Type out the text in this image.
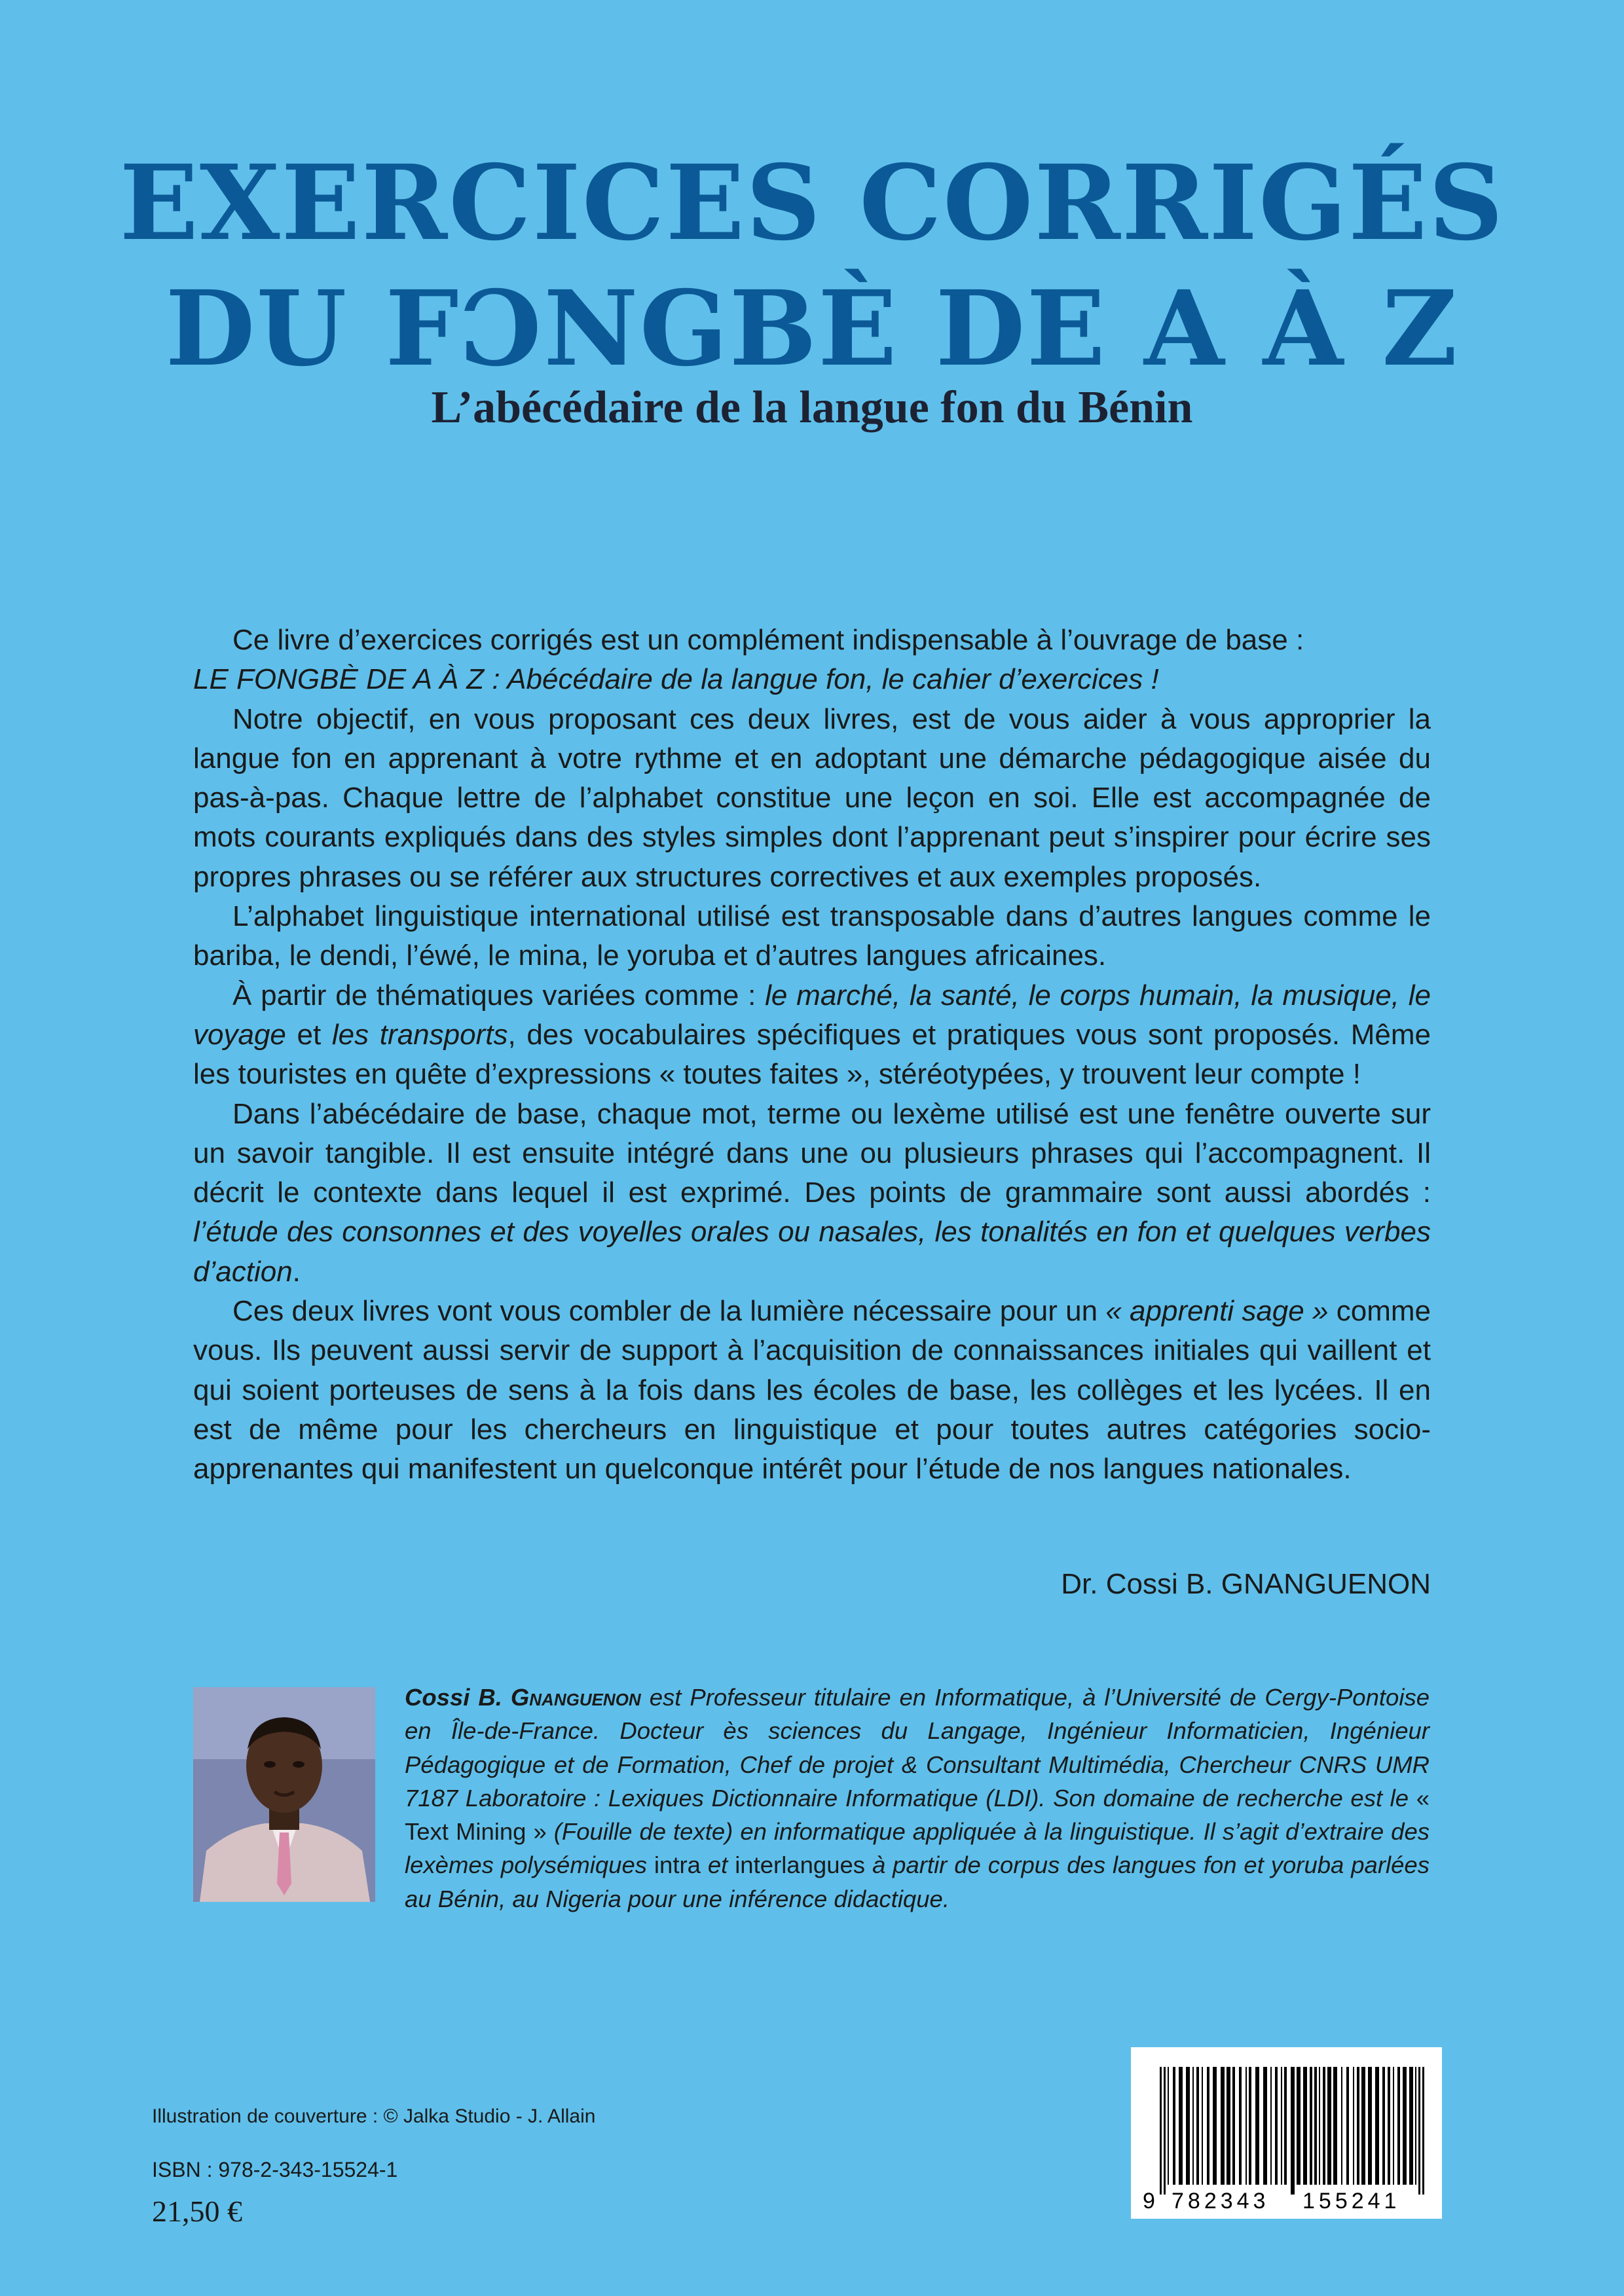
EXERCICES CORRIGÉS
DU FƆNGBÈ DE A À Z
L’abécédaire de la langue fon du Bénin

Ce livre d’exercices corrigés est un complément indispensable à l’ouvrage de base :
LE FONGBÈ DE A À Z : Abécédaire de la langue fon, le cahier d’exercices !

Notre objectif, en vous proposant ces deux livres, est de vous aider à vous approprier la langue fon en apprenant à votre rythme et en adoptant une démarche pédagogique aisée du pas-à-pas. Chaque lettre de l’alphabet constitue une leçon en soi. Elle est accompagnée de mots courants expliqués dans des styles simples dont l’apprenant peut s’inspirer pour écrire ses propres phrases ou se référer aux structures correctives et aux exemples proposés.

L’alphabet linguistique international utilisé est transposable dans d’autres langues comme le bariba, le dendi, l’éwé, le mina, le yoruba et d’autres langues africaines.

À partir de thématiques variées comme : le marché, la santé, le corps humain, la musique, le voyage et les transports, des vocabulaires spécifiques et pratiques vous sont proposés. Même les touristes en quête d’expressions « toutes faites », stéréotypées, y trouvent leur compte !

Dans l’abécédaire de base, chaque mot, terme ou lexème utilisé est une fenêtre ouverte sur un savoir tangible. Il est ensuite intégré dans une ou plusieurs phrases qui l’accompagnent. Il décrit le contexte dans lequel il est exprimé. Des points de grammaire sont aussi abordés : l’étude des consonnes et des voyelles orales ou nasales, les tonalités en fon et quelques verbes d’action.

Ces deux livres vont vous combler de la lumière nécessaire pour un « apprenti sage » comme vous. Ils peuvent aussi servir de support à l’acquisition de connaissances initiales qui vaillent et qui soient porteuses de sens à la fois dans les écoles de base, les collèges et les lycées. Il en est de même pour les chercheurs en linguistique et pour toutes autres catégories socio-apprenantes qui manifestent un quelconque intérêt pour l’étude de nos langues nationales.

Dr. Cossi B. GNANGUENON

Cossi B. Gnanguenon est Professeur titulaire en Informatique, à l’Université de Cergy-Pontoise en Île-de-France. Docteur ès sciences du Langage, Ingénieur Informaticien, Ingénieur Pédagogique et de Formation, Chef de projet & Consultant Multimédia, Chercheur CNRS UMR 7187 Laboratoire : Lexiques Dictionnaire Informatique (LDI). Son domaine de recherche est le « Text Mining » (Fouille de texte) en informatique appliquée à la linguistique. Il s’agit d’extraire des lexèmes polysémiques intra et interlangues à partir de corpus des langues fon et yoruba parlées au Bénin, au Nigeria pour une inférence didactique.

Illustration de couverture : © Jalka Studio - J. Allain

ISBN : 978-2-343-15524-1

21,50 €	9 782343 155241
